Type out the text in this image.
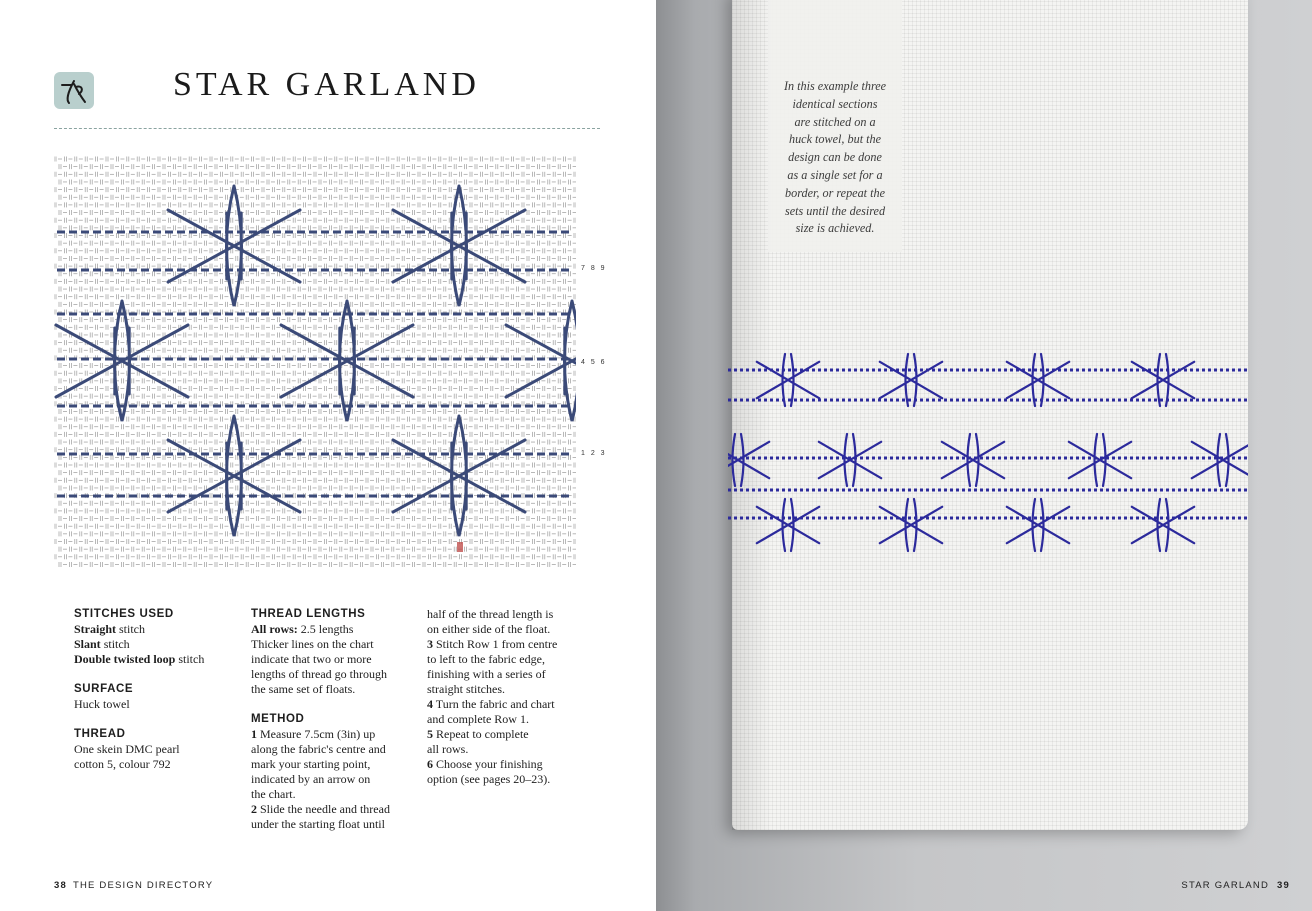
STAR GARLAND
7 8 9
4 5 6
1 2 3
STITCHES USED

Straight stitch

Slant stitch

Double twisted loop stitch

SURFACE

Huck towel

THREAD

One skein DMC pearl

cotton 5, colour 792

THREAD LENGTHS

All rows: 2.5 lengths

Thicker lines on the chart

indicate that two or more

lengths of thread go through

the same set of floats.

METHOD

1 Measure 7.5cm (3in) up

along the fabric's centre and

mark your starting point,

indicated by an arrow on

the chart.

2 Slide the needle and thread

under the starting float until

half of the thread length is

on either side of the float.

3 Stitch Row 1 from centre

to left to the fabric edge,

finishing with a series of

straight stitches.

4 Turn the fabric and chart

and complete Row 1.

5 Repeat to complete

all rows.

6 Choose your finishing

option (see pages 20–23).

38 THE DESIGN DIRECTORY
In this example three
identical sections
are stitched on a
huck towel, but the
design can be done
as a single set for a
border, or repeat the
sets until the desired
size is achieved.
STAR GARLAND 39
